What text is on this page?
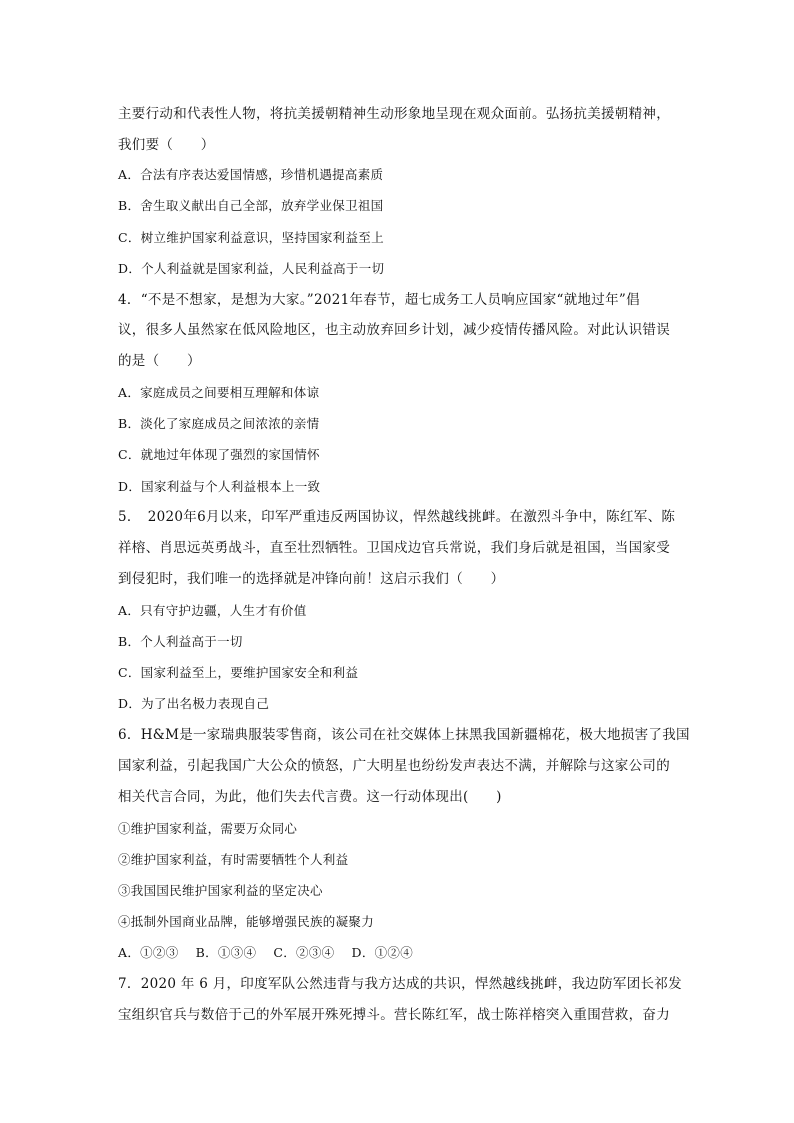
主要行动和代表性人物，将抗美援朝精神生动形象地呈现在观众面前。弘扬抗美援朝精神，
我们要（　　）
A．合法有序表达爱国情感，珍惜机遇提高素质
B．舍生取义献出自己全部，放弃学业保卫祖国
C．树立维护国家利益意识，坚持国家利益至上
D．个人利益就是国家利益，人民利益高于一切
4．“不是不想家，是想为大家。”2021年春节，超七成务工人员响应国家“就地过年”倡
议，很多人虽然家在低风险地区，也主动放弃回乡计划，减少疫情传播风险。对此认识错误
的是（　　）
A．家庭成员之间要相互理解和体谅
B．淡化了家庭成员之间浓浓的亲情
C．就地过年体现了强烈的家国情怀
D．国家利益与个人利益根本上一致
5．　2020年6月以来，印军严重违反两国协议，悍然越线挑衅。在激烈斗争中，陈红军、陈
祥榕、肖思远英勇战斗，直至壮烈牺牲。卫国戍边官兵常说，我们身后就是祖国，当国家受
到侵犯时，我们唯一的选择就是冲锋向前！这启示我们（　　）
A．只有守护边疆，人生才有价值
B．个人利益高于一切
C．国家利益至上，要维护国家安全和利益
D．为了出名极力表现自己
6．H&M是一家瑞典服装零售商，该公司在社交媒体上抹黑我国新疆棉花，极大地损害了我国
国家利益，引起我国广大公众的愤怒，广大明星也纷纷发声表达不满，并解除与这家公司的
相关代言合同，为此，他们失去代言费。这一行动体现出(　　)
①维护国家利益，需要万众同心
②维护国家利益，有时需要牺牲个人利益
③我国国民维护国家利益的坚定决心
④抵制外国商业品牌，能够增强民族的凝聚力
A．①②③　 B．①③④　 C．②③④　 D．①②④
7．2020 年 6 月，印度军队公然违背与我方达成的共识，悍然越线挑衅，我边防军团长祁发
宝组织官兵与数倍于己的外军展开殊死搏斗。营长陈红军，战士陈祥榕突入重围营救，奋力
